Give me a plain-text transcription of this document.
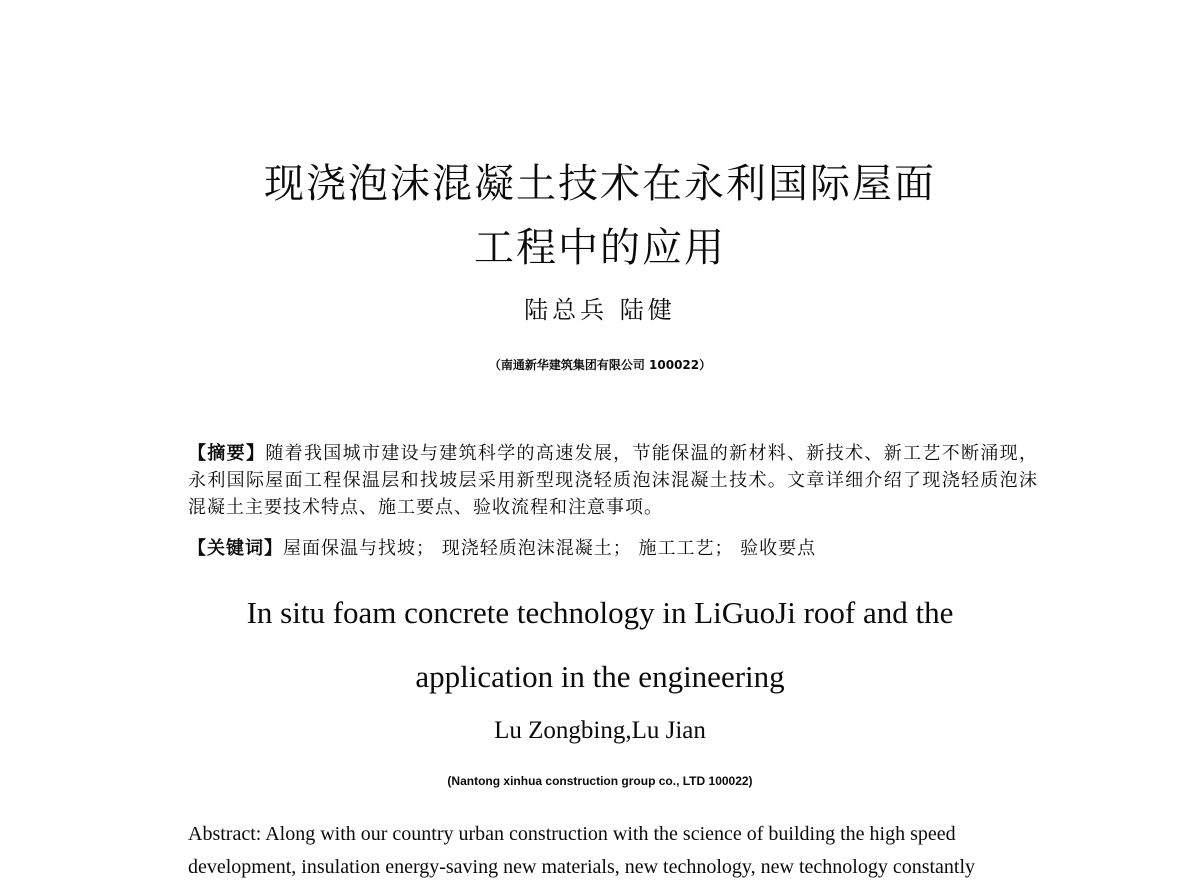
现浇泡沫混凝土技术在永利国际屋面
工程中的应用
陆总兵 陆健
（南通新华建筑集团有限公司 100022）
【摘要】随着我国城市建设与建筑科学的高速发展，节能保温的新材料、新技术、新工艺不断涌现，永利国际屋面工程保温层和找坡层采用新型现浇轻质泡沫混凝土技术。文章详细介绍了现浇轻质泡沫混凝土主要技术特点、施工要点、验收流程和注意事项。
【关键词】屋面保温与找坡； 现浇轻质泡沫混凝土； 施工工艺； 验收要点
In situ foam concrete technology in LiGuoJi roof and the
application in the engineering
Lu Zongbing,Lu Jian
(Nantong xinhua construction group co., LTD 100022)
Abstract: Along with our country urban construction with the science of building the high speed
development, insulation energy-saving new materials, new technology, new technology constantly
